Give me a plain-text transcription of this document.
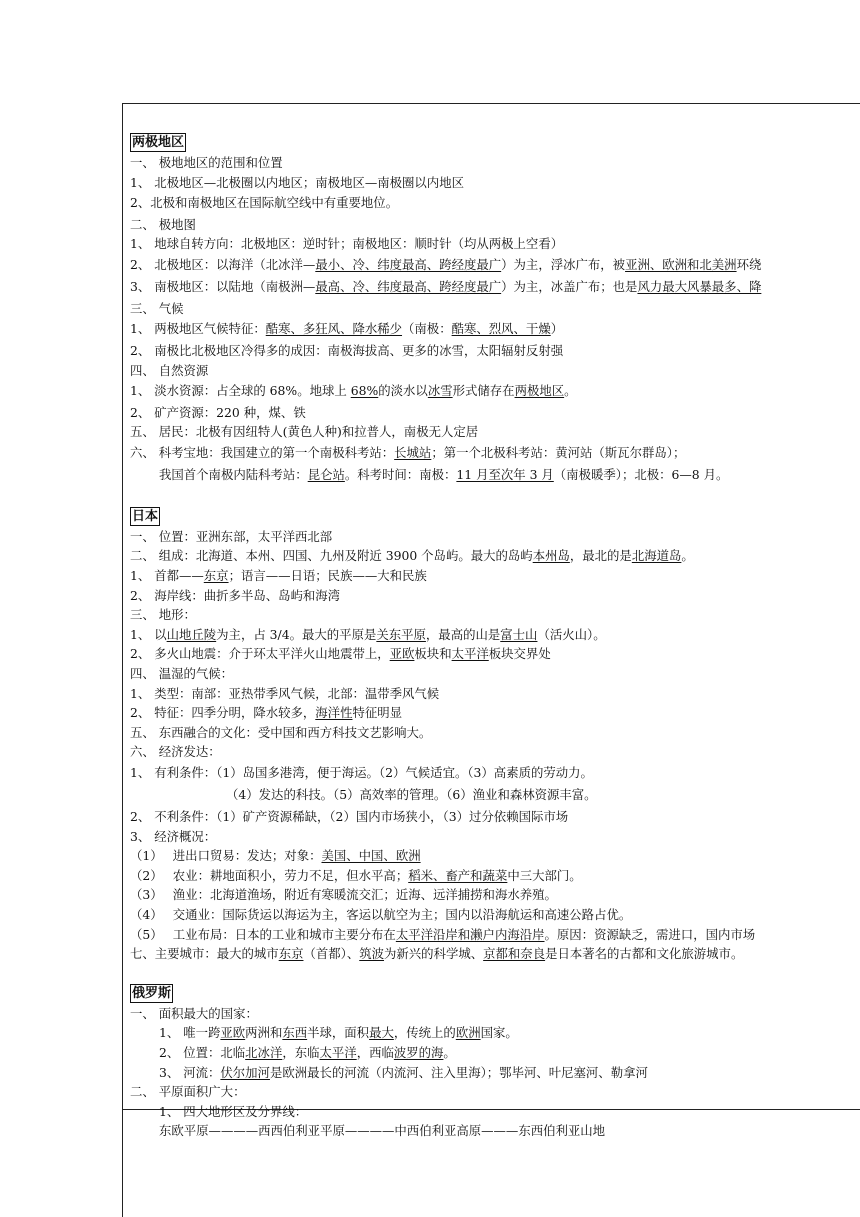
两极地区
一、 极地地区的范围和位置
1、 北极地区—北极圈以内地区；南极地区—南极圈以内地区
2、北极和南极地区在国际航空线中有重要地位。
二、 极地图
1、 地球自转方向：北极地区：逆时针；南极地区：顺时针（均从两极上空看）
2、 北极地区：以海洋（北冰洋—最小、冷、纬度最高、跨经度最广）为主，浮冰广布，被亚洲、欧洲和北美洲环绕
3、 南极地区：以陆地（南极洲—最高、冷、纬度最高、跨经度最广）为主，冰盖广布；也是风力最大风暴最多、降
三、 气候
1、 两极地区气候特征：酷寒、多狂风、降水稀少（南极：酷寒、烈风、干燥）
2、 南极比北极地区冷得多的成因：南极海拔高、更多的冰雪，太阳辐射反射强
四、 自然资源
1、 淡水资源：占全球的 68%。地球上 68%的淡水以冰雪形式储存在两极地区。
2、 矿产资源：220 种，煤、铁
五、 居民：北极有因纽特人(黄色人种)和拉普人，南极无人定居
六、 科考宝地：我国建立的第一个南极科考站：长城站；第一个北极科考站：黄河站（斯瓦尔群岛）；
我国首个南极内陆科考站：昆仑站。科考时间：南极：11 月至次年 3 月（南极暖季）；北极：6—8 月。
日本
一、 位置：亚洲东部，太平洋西北部
二、 组成：北海道、本州、四国、九州及附近 3900 个岛屿。最大的岛屿本州岛，最北的是北海道岛。
1、 首都——东京；语言——日语；民族——大和民族
2、 海岸线：曲折多半岛、岛屿和海湾
三、 地形：
1、 以山地丘陵为主，占 3/4。最大的平原是关东平原，最高的山是富士山（活火山）。
2、 多火山地震：介于环太平洋火山地震带上，亚欧板块和太平洋板块交界处
四、 温湿的气候：
1、 类型：南部：亚热带季风气候，北部：温带季风气候
2、 特征：四季分明，降水较多，海洋性特征明显
五、 东西融合的文化：受中国和西方科技文艺影响大。
六、 经济发达：
1、 有利条件：（1）岛国多港湾，便于海运。（2）气候适宜。（3）高素质的劳动力。
（4）发达的科技。（5）高效率的管理。（6）渔业和森林资源丰富。
2、 不利条件：（1）矿产资源稀缺，（2）国内市场狭小，（3）过分依赖国际市场
3、 经济概况：
（1）　 进出口贸易：发达；对象：美国、中国、欧洲
（2）　 农业：耕地面积小，劳力不足，但水平高；稻米、畜产和蔬菜中三大部门。
（3）　 渔业：北海道渔场，附近有寒暖流交汇；近海、远洋捕捞和海水养殖。
（4）　 交通业：国际货运以海运为主，客运以航空为主；国内以沿海航运和高速公路占优。
（5）　 工业布局：日本的工业和城市主要分布在太平洋沿岸和濑户内海沿岸。原因：资源缺乏，需进口，国内市场
七、主要城市：最大的城市东京（首都）、筑波为新兴的科学城、京都和奈良是日本著名的古都和文化旅游城市。
俄罗斯
一、 面积最大的国家：
1、 唯一跨亚欧两洲和东西半球，面积最大，传统上的欧洲国家。
2、 位置：北临北冰洋，东临太平洋，西临波罗的海。
3、 河流：伏尔加河是欧洲最长的河流（内流河、注入里海）；鄂毕河、叶尼塞河、勒拿河
二、 平原面积广大：
1、 四大地形区及分界线：
东欧平原————西西伯利亚平原————中西伯利亚高原———东西伯利亚山地
